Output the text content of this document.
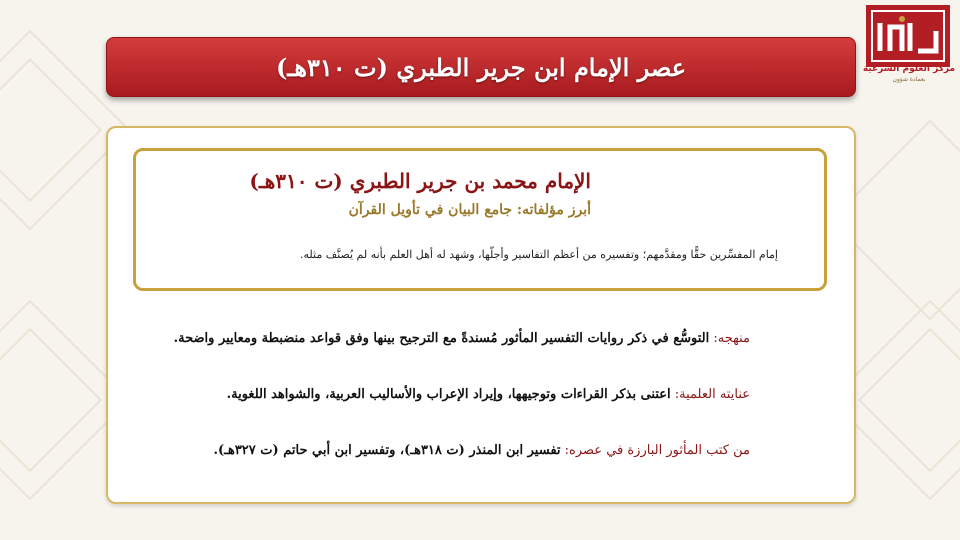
عصر الإمام ابن جرير الطبري (ت ٣١٠هـ)	مركز العلوم الشرعية
بعمادة شؤون
الإمام محمد بن جرير الطبري (ت ٣١٠هـ)
أبرز مؤلفاته: جامع البيان في تأويل القرآن
إمام المفسِّرين حقًّا ومقدَّمهم؛ وتفسيره من أعظم التفاسير وأجلّها، وشهد له أهل العلم بأنه لم يُصنَّف مثله.
منهجه: التوسُّع في ذكر روايات التفسير المأثور مُسندةً مع الترجيح بينها وفق قواعد منضبطة ومعايير واضحة.
عنايته العلمية: اعتنى بذكر القراءات وتوجيهها، وإيراد الإعراب والأساليب العربية، والشواهد اللغوية.
من كتب المأثور البارزة في عصره: تفسير ابن المنذر (ت ٣١٨هـ)، وتفسير ابن أبي حاتم (ت ٣٢٧هـ).
